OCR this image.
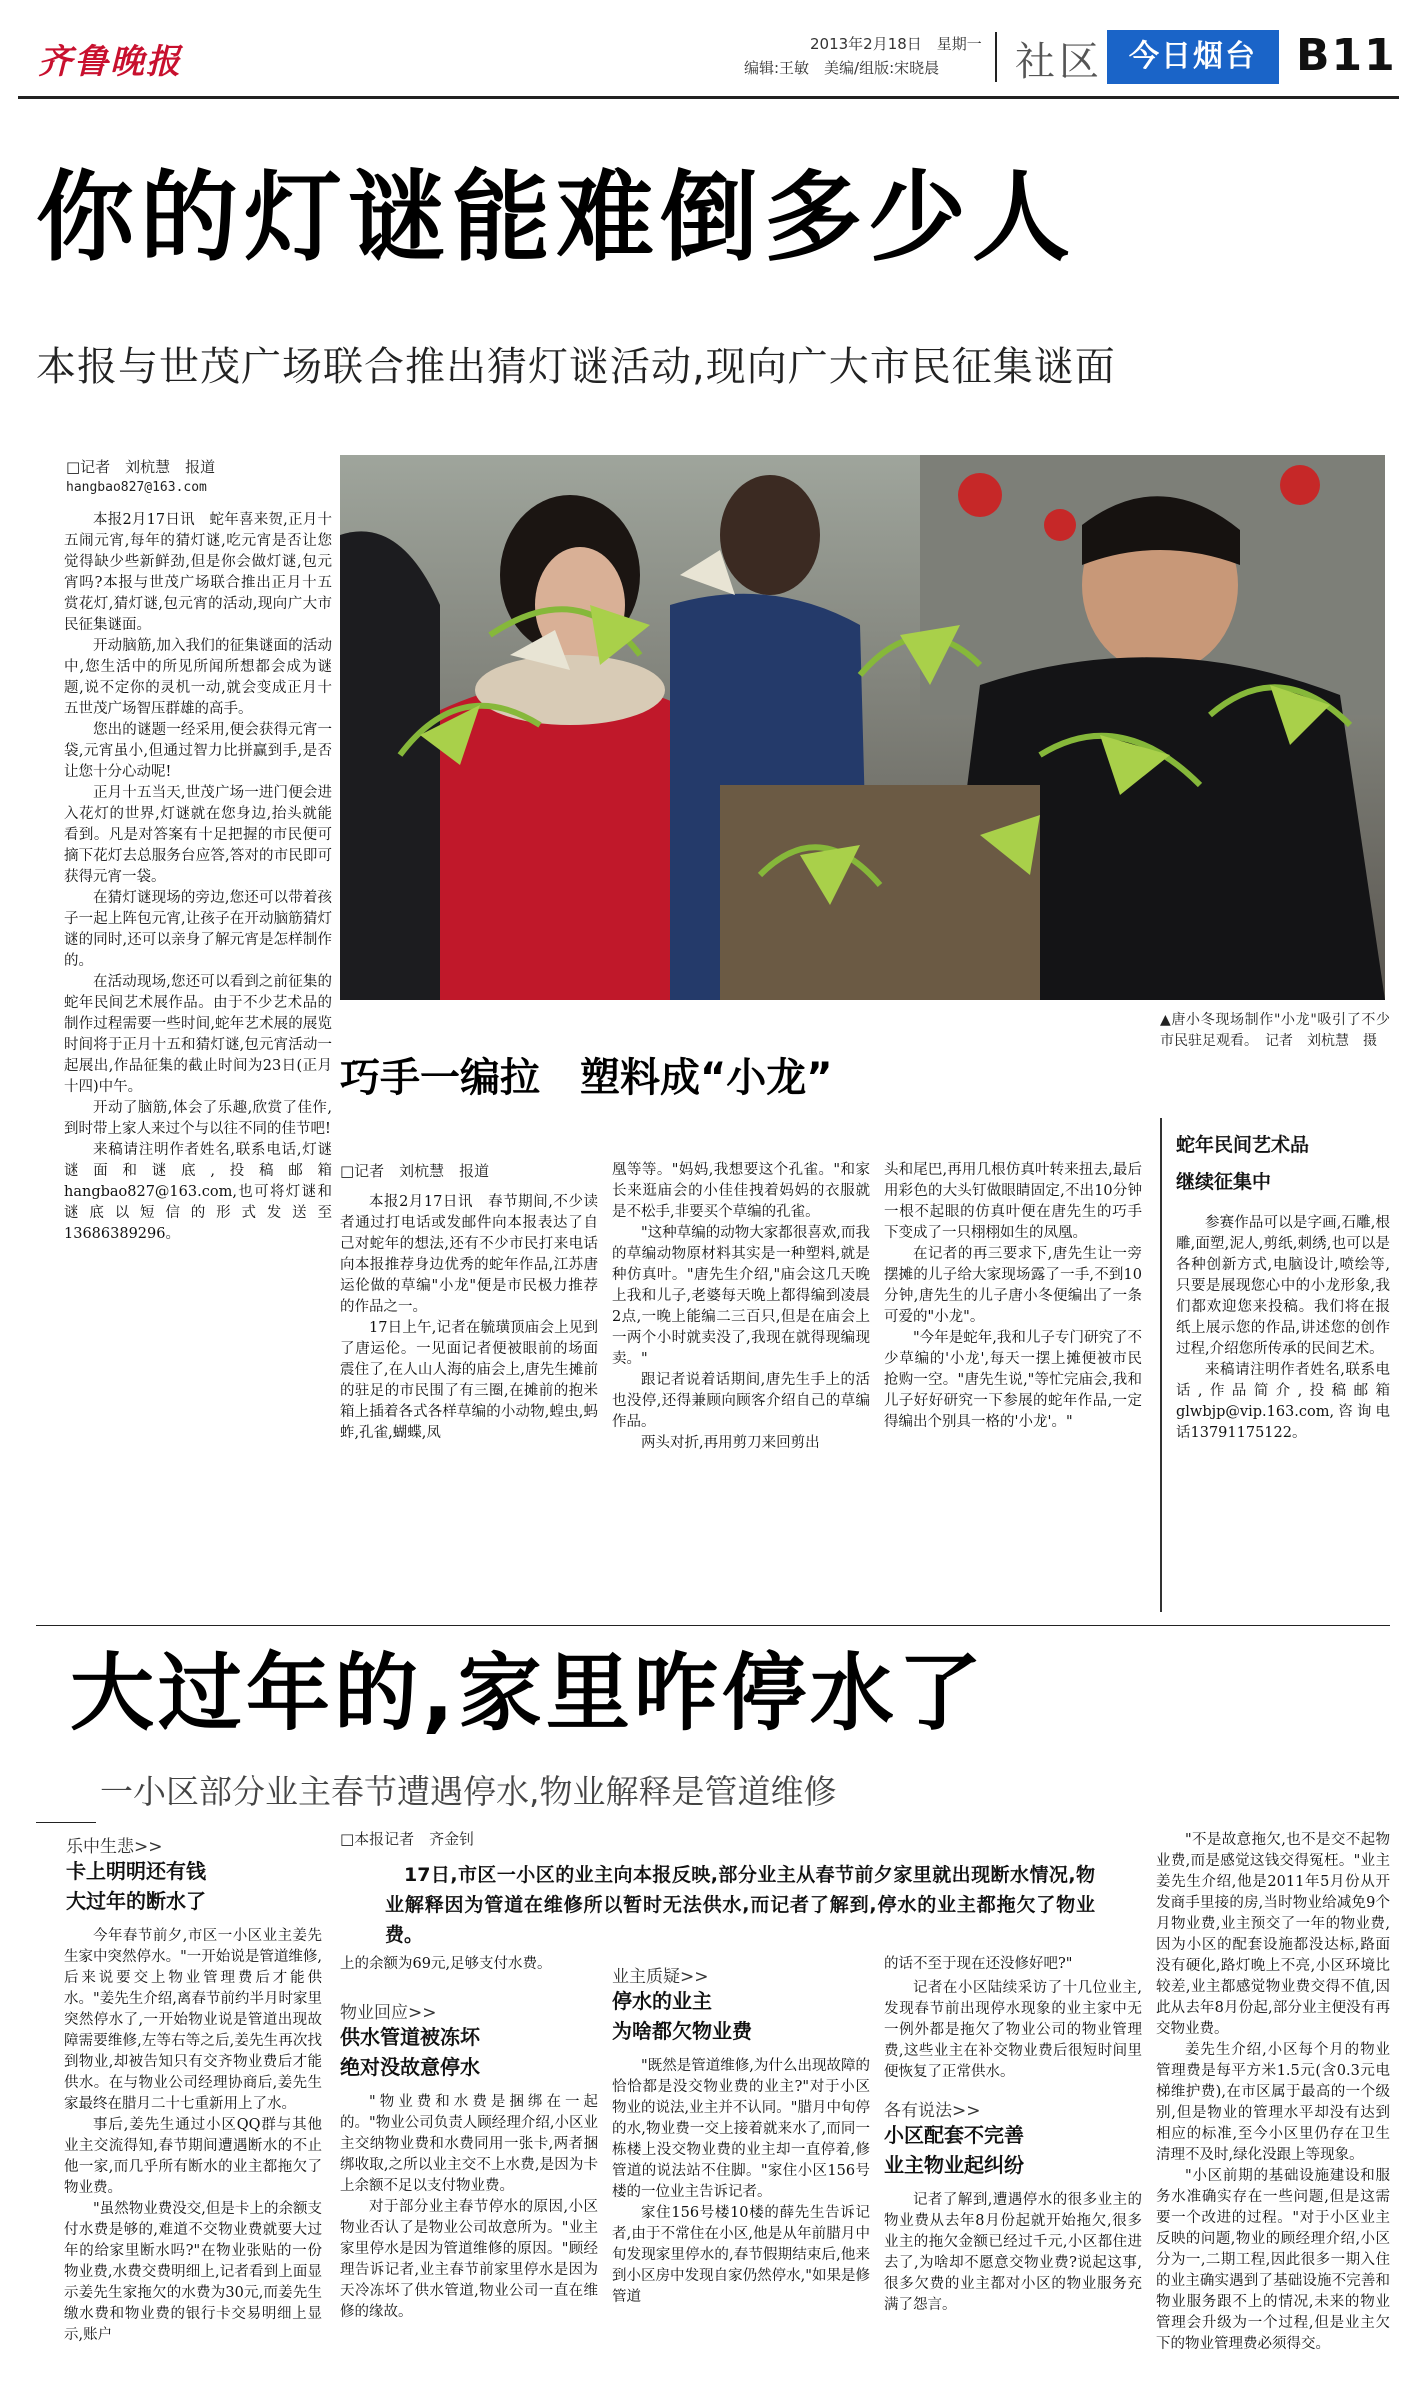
齐鲁晚报	2013年2月18日　星期一
编辑:王敏　美编/组版:宋晓晨	社区 今日烟台 B11
你的灯谜能难倒多少人
本报与世茂广场联合推出猜灯谜活动,现向广大市民征集谜面
□记者　刘杭慧　报道
hangbao827@163.com

本报2月17日讯　蛇年喜来贺,正月十五闹元宵,每年的猜灯谜,吃元宵是否让您觉得缺少些新鲜劲,但是你会做灯谜,包元宵吗?本报与世茂广场联合推出正月十五赏花灯,猜灯谜,包元宵的活动,现向广大市民征集谜面。

开动脑筋,加入我们的征集谜面的活动中,您生活中的所见所闻所想都会成为谜题,说不定你的灵机一动,就会变成正月十五世茂广场智压群雄的高手。

您出的谜题一经采用,便会获得元宵一袋,元宵虽小,但通过智力比拼赢到手,是否让您十分心动呢!

正月十五当天,世茂广场一进门便会进入花灯的世界,灯谜就在您身边,抬头就能看到。凡是对答案有十足把握的市民便可摘下花灯去总服务台应答,答对的市民即可获得元宵一袋。

在猜灯谜现场的旁边,您还可以带着孩子一起上阵包元宵,让孩子在开动脑筋猜灯谜的同时,还可以亲身了解元宵是怎样制作的。

在活动现场,您还可以看到之前征集的蛇年民间艺术展作品。由于不少艺术品的制作过程需要一些时间,蛇年艺术展的展览时间将于正月十五和猜灯谜,包元宵活动一起展出,作品征集的截止时间为23日(正月十四)中午。

开动了脑筋,体会了乐趣,欣赏了佳作,到时带上家人来过个与以往不同的佳节吧!

来稿请注明作者姓名,联系电话,灯谜谜面和谜底,投稿邮箱hangbao827@163.com,也可将灯谜和谜底以短信的形式发送至13686389296。

▲唐小冬现场制作"小龙"吸引了不少市民驻足观看。　记者　刘杭慧　摄
巧手一编拉　塑料成“小龙”
□记者　刘杭慧　报道

本报2月17日讯　春节期间,不少读者通过打电话或发邮件向本报表达了自己对蛇年的想法,还有不少市民打来电话向本报推荐身边优秀的蛇年作品,江苏唐运伦做的草编"小龙"便是市民极力推荐的作品之一。

17日上午,记者在毓璜顶庙会上见到了唐运伦。一见面记者便被眼前的场面震住了,在人山人海的庙会上,唐先生摊前的驻足的市民围了有三圈,在摊前的抱米箱上插着各式各样草编的小动物,蝗虫,蚂蚱,孔雀,蝴蝶,凤

凰等等。"妈妈,我想要这个孔雀。"和家长来逛庙会的小佳佳拽着妈妈的衣服就是不松手,非要买个草编的孔雀。

"这种草编的动物大家都很喜欢,而我的草编动物原材料其实是一种塑料,就是种仿真叶。"唐先生介绍,"庙会这几天晚上我和儿子,老婆每天晚上都得编到凌晨2点,一晚上能编二三百只,但是在庙会上一两个小时就卖没了,我现在就得现编现卖。"

跟记者说着话期间,唐先生手上的活也没停,还得兼顾向顾客介绍自己的草编作品。

两头对折,再用剪刀来回剪出

头和尾巴,再用几根仿真叶转来扭去,最后用彩色的大头钉做眼睛固定,不出10分钟一根不起眼的仿真叶便在唐先生的巧手下变成了一只栩栩如生的凤凰。

在记者的再三要求下,唐先生让一旁摆摊的儿子给大家现场露了一手,不到10分钟,唐先生的儿子唐小冬便编出了一条可爱的"小龙"。

"今年是蛇年,我和儿子专门研究了不少草编的'小龙',每天一摆上摊便被市民抢购一空。"唐先生说,"等忙完庙会,我和儿子好好研究一下参展的蛇年作品,一定得编出个别具一格的'小龙'。"

蛇年民间艺术品
继续征集中

参赛作品可以是字画,石雕,根雕,面塑,泥人,剪纸,刺绣,也可以是各种创新方式,电脑设计,喷绘等,只要是展现您心中的小龙形象,我们都欢迎您来投稿。我们将在报纸上展示您的作品,讲述您的创作过程,介绍您所传承的民间艺术。

来稿请注明作者姓名,联系电话,作品简介,投稿邮箱glwbjp@vip.163.com,咨询电话13791175122。

大过年的,家里咋停水了
一小区部分业主春节遭遇停水,物业解释是管道维修
乐中生悲>>
卡上明明还有钱
大过年的断水了

今年春节前夕,市区一小区业主姜先生家中突然停水。"一开始说是管道维修,后来说要交上物业管理费后才能供水。"姜先生介绍,离春节前约半月时家里突然停水了,一开始物业说是管道出现故障需要维修,左等右等之后,姜先生再次找到物业,却被告知只有交齐物业费后才能供水。在与物业公司经理协商后,姜先生家最终在腊月二十七重新用上了水。

事后,姜先生通过小区QQ群与其他业主交流得知,春节期间遭遇断水的不止他一家,而几乎所有断水的业主都拖欠了物业费。

"虽然物业费没交,但是卡上的余额支付水费是够的,难道不交物业费就要大过年的给家里断水吗?"在物业张贴的一份物业费,水费交费明细上,记者看到上面显示姜先生家拖欠的水费为30元,而姜先生缴水费和物业费的银行卡交易明细上显示,账户

□本报记者　齐金钊
17日,市区一小区的业主向本报反映,部分业主从春节前夕家里就出现断水情况,物业解释因为管道在维修所以暂时无法供水,而记者了解到,停水的业主都拖欠了物业费。
上的余额为69元,足够支付水费。
物业回应>>
供水管道被冻坏
绝对没故意停水

"物业费和水费是捆绑在一起的。"物业公司负责人顾经理介绍,小区业主交纳物业费和水费同用一张卡,两者捆绑收取,之所以业主交不上水费,是因为卡上余额不足以支付物业费。

对于部分业主春节停水的原因,小区物业否认了是物业公司故意所为。"业主家里停水是因为管道维修的原因。"顾经理告诉记者,业主春节前家里停水是因为天冷冻坏了供水管道,物业公司一直在维修的缘故。

业主质疑>>
停水的业主
为啥都欠物业费

"既然是管道维修,为什么出现故障的恰恰都是没交物业费的业主?"对于小区物业的说法,业主并不认同。"腊月中旬停的水,物业费一交上接着就来水了,而同一栋楼上没交物业费的业主却一直停着,修管道的说法站不住脚。"家住小区156号楼的一位业主告诉记者。

家住156号楼10楼的薛先生告诉记者,由于不常住在小区,他是从年前腊月中旬发现家里停水的,春节假期结束后,他来到小区房中发现自家仍然停水,"如果是修管道

的话不至于现在还没修好吧?"

记者在小区陆续采访了十几位业主,发现春节前出现停水现象的业主家中无一例外都是拖欠了物业公司的物业管理费,这些业主在补交物业费后很短时间里便恢复了正常供水。

各有说法>>
小区配套不完善
业主物业起纠纷

记者了解到,遭遇停水的很多业主的物业费从去年8月份起就开始拖欠,很多业主的拖欠金额已经过千元,小区都住进去了,为啥却不愿意交物业费?说起这事,很多欠费的业主都对小区的物业服务充满了怨言。

"不是故意拖欠,也不是交不起物业费,而是感觉这钱交得冤枉。"业主姜先生介绍,他是2011年5月份从开发商手里接的房,当时物业给减免9个月物业费,业主预交了一年的物业费,因为小区的配套设施都没达标,路面没有硬化,路灯晚上不亮,小区环境比较差,业主都感觉物业费交得不值,因此从去年8月份起,部分业主便没有再交物业费。

姜先生介绍,小区每个月的物业管理费是每平方米1.5元(含0.3元电梯维护费),在市区属于最高的一个级别,但是物业的管理水平却没有达到相应的标准,至今小区里仍存在卫生清理不及时,绿化没跟上等现象。

"小区前期的基础设施建设和服务水准确实存在一些问题,但是这需要一个改进的过程。"对于小区业主反映的问题,物业的顾经理介绍,小区分为一,二期工程,因此很多一期入住的业主确实遇到了基础设施不完善和物业服务跟不上的情况,未来的物业管理会升级为一个过程,但是业主欠下的物业管理费必须得交。
